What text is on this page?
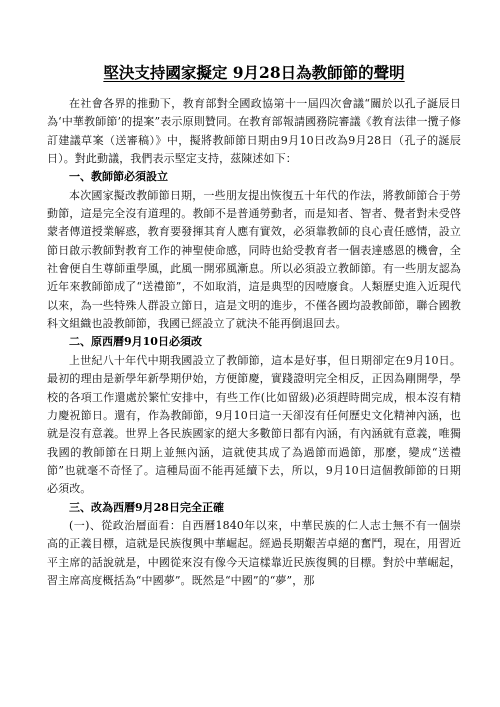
堅決支持國家擬定 9月28日為教師節的聲明

在社會各界的推動下，教育部對全國政協第十一屆四次會議“關於以孔子誕辰日為‘中華教師節’的提案”表示原則贊同。在教育部報請國務院審議《教育法律一攬子修訂建議草案（送審稿）》中，擬將教師節日期由9月10日改為9月28日（孔子的誕辰日）。對此動議，我們表示堅定支持，茲陳述如下：

一、教師節必須設立

本次國家擬改教師節日期，一些朋友提出恢復五十年代的作法，將教師節合于勞動節，這是完全沒有道理的。教師不是普通勞動者，而是知者、智者、覺者對未受啓蒙者傳道授業解惑，教育要發揮其育人應有實效，必須靠教師的良心責任感情，設立節日啟示教師對教育工作的神聖使命感，同時也給受教育者一個表達感恩的機會，全社會便自生尊師重學風，此風一開邪風漸息。所以必須設立教師節。有一些朋友認為近年來教師節成了“送禮節”，不如取消，這是典型的因噎廢食。人類歷史進入近現代以來，為一些特殊人群設立節日，這是文明的進步，不僅各國均設教師節，聯合國教科文組織也設教師節，我國已經設立了就決不能再倒退回去。

二、原西曆9月10日必須改

上世紀八十年代中期我國設立了教師節，這本是好事，但日期卻定在9月10日。最初的理由是新學年新學期伊始，方便節慶，實踐證明完全相反，正因為剛開學，學校的各項工作還處於繁忙安排中，有些工作(比如留級)必須趕時間完成，根本沒有精力慶祝節日。還有，作為教師節，9月10日這一天卻沒有任何歷史文化精神內涵，也就是沒有意義。世界上各民族國家的絕大多數節日都有內涵，有內涵就有意義，唯獨我國的教師節在日期上並無內涵，這就使其成了為過節而過節，那麼，變成“送禮節”也就毫不奇怪了。這種局面不能再延續下去，所以，9月10日這個教師節的日期必須改。

三、改為西曆9月28日完全正確

(一)、從政治層面看：自西曆1840年以來，中華民族的仁人志士無不有一個崇高的正義目標，這就是民族復興中華崛起。經過長期艱苦卓絕的奮鬥，現在，用習近平主席的話說就是，中國從來沒有像今天這樣靠近民族復興的目標。對於中華崛起，習主席高度概括為“中國夢”。既然是“中國”的“夢”，那
